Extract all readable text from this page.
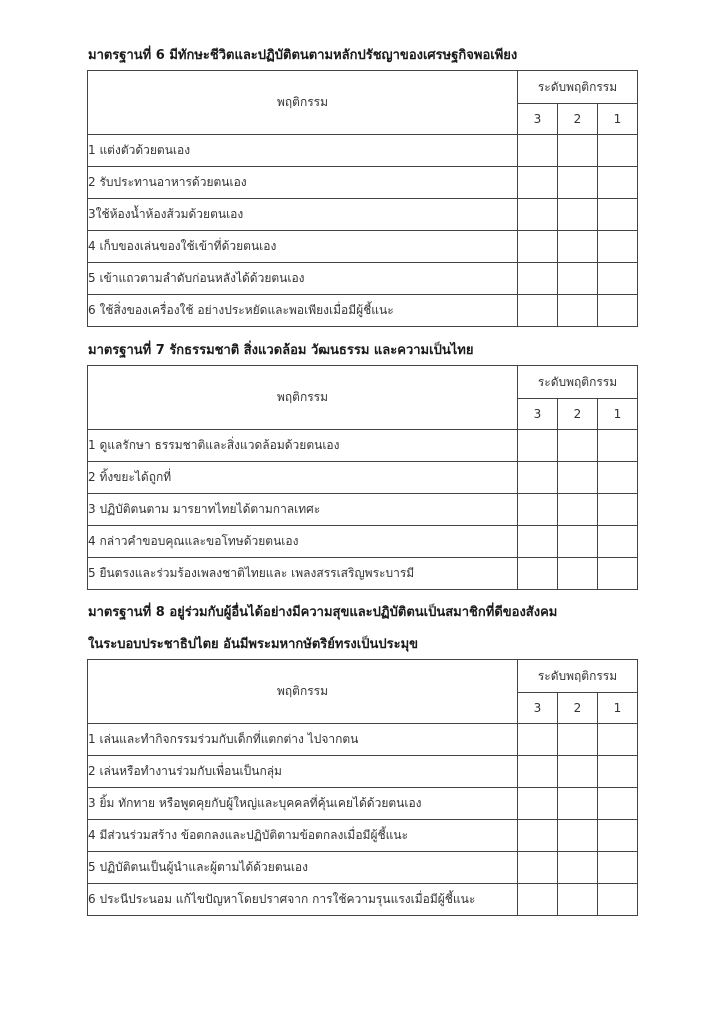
มาตรฐานที่ 6 มีทักษะชีวิตและปฏิบัติตนตามหลักปรัชญาของเศรษฐกิจพอเพียง
พฤติกรรม	ระดับพฤติกรรม		
	3	2	1
1 แต่งตัวด้วยตนเอง			
2 รับประทานอาหารด้วยตนเอง			
3ใช้ห้องน้ำห้องส้วมด้วยตนเอง			
4 เก็บของเล่นของใช้เข้าที่ด้วยตนเอง			
5 เข้าแถวตามลำดับก่อนหลังได้ด้วยตนเอง			
6 ใช้สิ่งของเครื่องใช้ อย่างประหยัดและพอเพียงเมื่อมีผู้ชี้แนะ			
มาตรฐานที่ 7 รักธรรมชาติ สิ่งแวดล้อม วัฒนธรรม และความเป็นไทย
พฤติกรรม	ระดับพฤติกรรม		
	3	2	1
1 ดูแลรักษา ธรรมชาติและสิ่งแวดล้อมด้วยตนเอง			
2 ทิ้งขยะได้ถูกที่			
3 ปฏิบัติตนตาม มารยาทไทยได้ตามกาลเทศะ			
4 กล่าวคำขอบคุณและขอโทษด้วยตนเอง			
5 ยืนตรงและร่วมร้องเพลงชาติไทยและ เพลงสรรเสริญพระบารมี			
มาตรฐานที่ 8 อยู่ร่วมกับผู้อื่นได้อย่างมีความสุขและปฏิบัติตนเป็นสมาชิกที่ดีของสังคม
ในระบอบประชาธิปไตย อันมีพระมหากษัตริย์ทรงเป็นประมุข
พฤติกรรม	ระดับพฤติกรรม		
	3	2	1
1 เล่นและทำกิจกรรมร่วมกับเด็กที่แตกต่าง ไปจากตน			
2 เล่นหรือทำงานร่วมกับเพื่อนเป็นกลุ่ม			
3 ยิ้ม ทักทาย หรือพูดคุยกับผู้ใหญ่และบุคคลที่คุ้นเคยได้ด้วยตนเอง			
4 มีส่วนร่วมสร้าง ข้อตกลงและปฏิบัติตามข้อตกลงเมื่อมีผู้ชี้แนะ			
5 ปฏิบัติตนเป็นผู้นำและผู้ตามได้ด้วยตนเอง			
6 ประนีประนอม แก้ไขปัญหาโดยปราศจาก การใช้ความรุนแรงเมื่อมีผู้ชี้แนะ			
